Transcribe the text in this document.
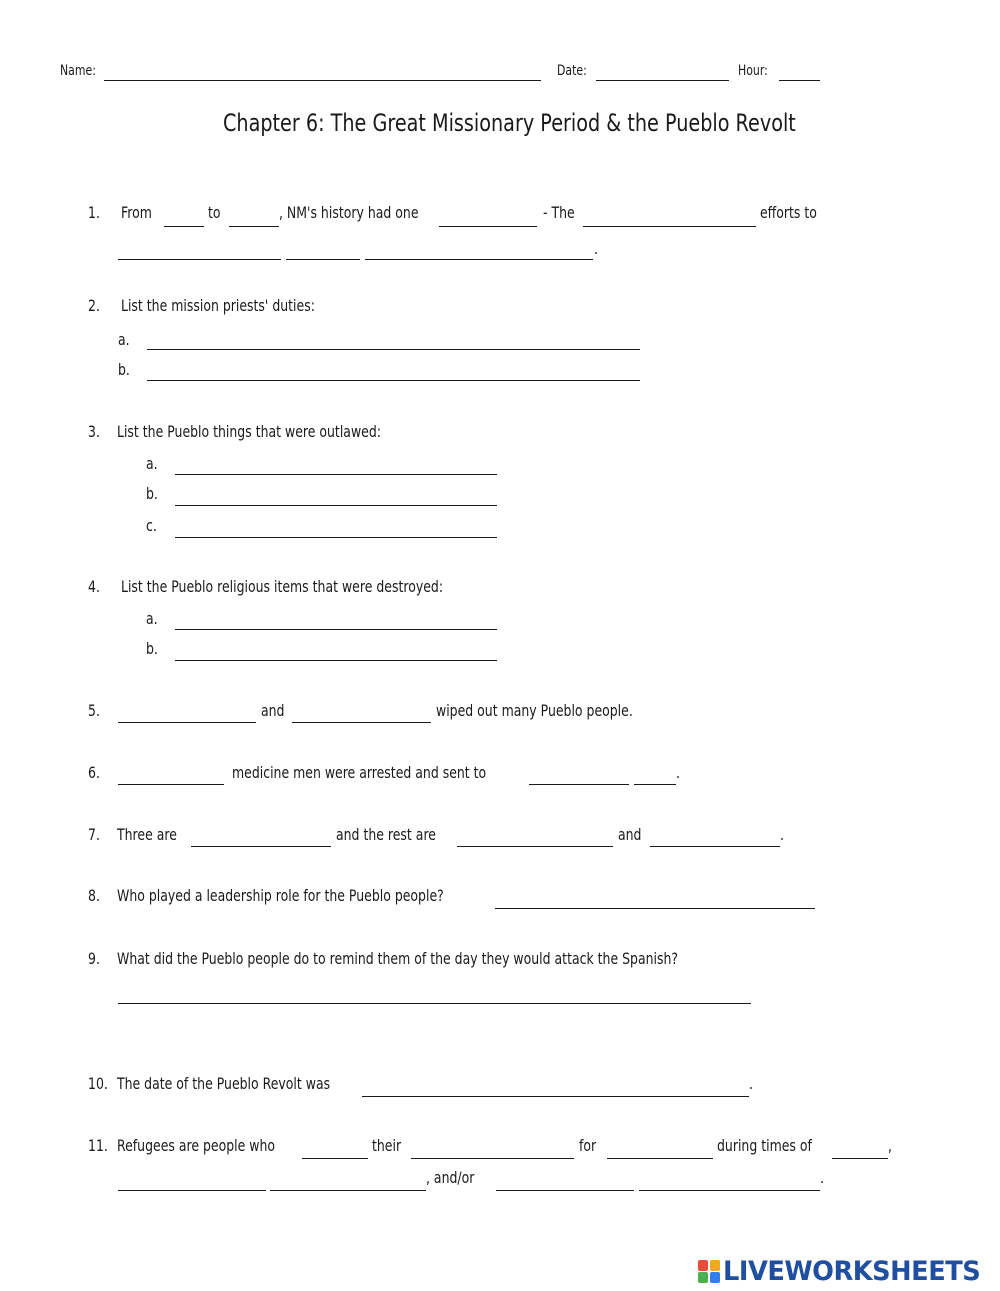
Name:	Date:	Hour:
Chapter 6: The Great Missionary Period & the Pueblo Revolt
1. From	to	, NM's history had one	- The	efforts to
.
2. List the mission priests' duties:
a.
b.
3. List the Pueblo things that were outlawed:
a.
b.
c.
4. List the Pueblo religious items that were destroyed:
a.
b.
5.	and	wiped out many Pueblo people.
6.	medicine men were arrested and sent to	.
7. Three are	and the rest are	and	.
8. Who played a leadership role for the Pueblo people?
9. What did the Pueblo people do to remind them of the day they would attack the Spanish?
10. The date of the Pueblo Revolt was	.
11. Refugees are people who	their	for	during times of	,
, and/or	.
LIVEWORKSHEETS
